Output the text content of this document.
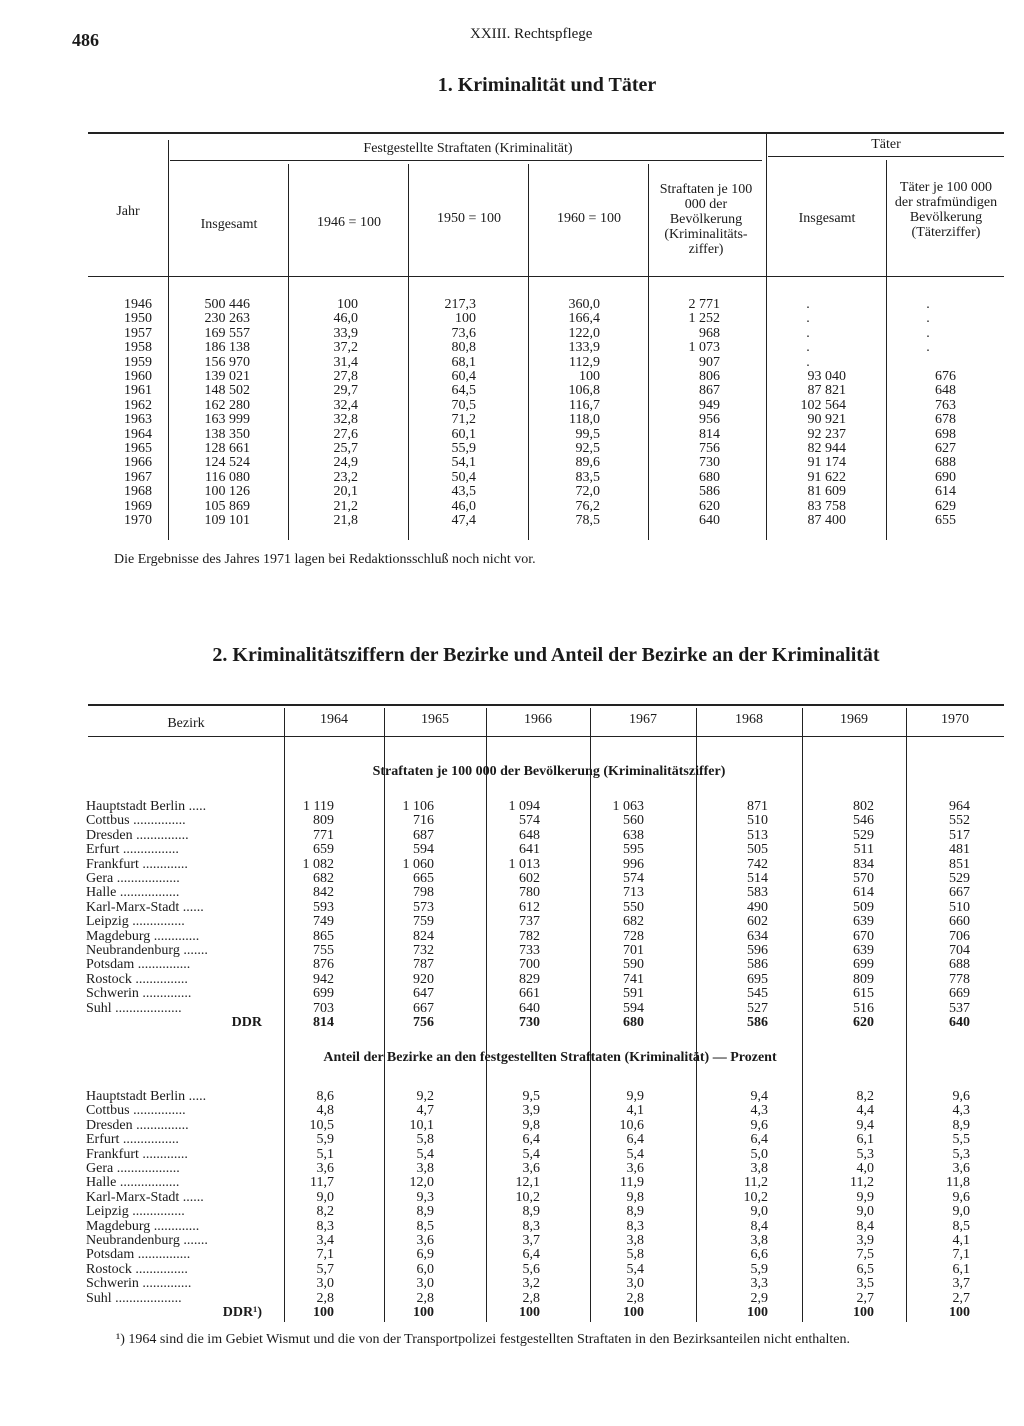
486	XXIII. Rechtspflege
1. Kriminalität und Täter
Festgestellte Straftaten (Kriminalität)	Täter
Jahr
Insgesamt	1946 = 100	1950 = 100	1960 = 100
Straftaten je 100 000 der Bevölkerung (Kriminalitäts- ziffer)
Insgesamt
Täter je 100 000 der strafmündigen Bevölkerung (Täterziffer)
1946	500 446	100	217,3	360,0	2 771	.	.
1950	230 263	46,0	100	166,4	1 252	.	.
1957	169 557	33,9	73,6	122,0	968	.	.
1958	186 138	37,2	80,8	133,9	1 073	.	.
1959	156 970	31,4	68,1	112,9	907	.
1960	139 021	27,8	60,4	100	806	93 040	676
1961	148 502	29,7	64,5	106,8	867	87 821	648
1962	162 280	32,4	70,5	116,7	949	102 564	763
1963	163 999	32,8	71,2	118,0	956	90 921	678
1964	138 350	27,6	60,1	99,5	814	92 237	698
1965	128 661	25,7	55,9	92,5	756	82 944	627
1966	124 524	24,9	54,1	89,6	730	91 174	688
1967	116 080	23,2	50,4	83,5	680	91 622	690
1968	100 126	20,1	43,5	72,0	586	81 609	614
1969	105 869	21,2	46,0	76,2	620	83 758	629
1970	109 101	21,8	47,4	78,5	640	87 400	655
Die Ergebnisse des Jahres 1971 lagen bei Redaktionsschluß noch nicht vor.
2. Kriminalitätsziffern der Bezirke und Anteil der Bezirke an der Kriminalität
Bezirk	1964	1965	1966	1967	1968	1969	1970
Straftaten je 100 000 der Bevölkerung (Kriminalitätsziffer)
Anteil der Bezirke an den festgestellten Straftaten (Kriminalität) — Prozent
Hauptstadt Berlin .....	1 119	1 106	1 094	1 063	871	802	964
Cottbus ...............	809	716	574	560	510	546	552
Dresden ...............	771	687	648	638	513	529	517
Erfurt ................	659	594	641	595	505	511	481
Frankfurt .............	1 082	1 060	1 013	996	742	834	851
Gera ..................	682	665	602	574	514	570	529
Halle .................	842	798	780	713	583	614	667
Karl-Marx-Stadt ......	593	573	612	550	490	509	510
Leipzig ...............	749	759	737	682	602	639	660
Magdeburg .............	865	824	782	728	634	670	706
Neubrandenburg .......	755	732	733	701	596	639	704
Potsdam ...............	876	787	700	590	586	699	688
Rostock ...............	942	920	829	741	695	809	778
Schwerin ..............	699	647	661	591	545	615	669
Suhl ...................	703	667	640	594	527	516	537
DDR	814	756	730	680	586	620	640
Hauptstadt Berlin .....	8,6	9,2	9,5	9,9	9,4	8,2	9,6
Cottbus ...............	4,8	4,7	3,9	4,1	4,3	4,4	4,3
Dresden ...............	10,5	10,1	9,8	10,6	9,6	9,4	8,9
Erfurt ................	5,9	5,8	6,4	6,4	6,4	6,1	5,5
Frankfurt .............	5,1	5,4	5,4	5,4	5,0	5,3	5,3
Gera ..................	3,6	3,8	3,6	3,6	3,8	4,0	3,6
Halle .................	11,7	12,0	12,1	11,9	11,2	11,2	11,8
Karl-Marx-Stadt ......	9,0	9,3	10,2	9,8	10,2	9,9	9,6
Leipzig ...............	8,2	8,9	8,9	8,9	9,0	9,0	9,0
Magdeburg .............	8,3	8,5	8,3	8,3	8,4	8,4	8,5
Neubrandenburg .......	3,4	3,6	3,7	3,8	3,8	3,9	4,1
Potsdam ...............	7,1	6,9	6,4	5,8	6,6	7,5	7,1
Rostock ...............	5,7	6,0	5,6	5,4	5,9	6,5	6,1
Schwerin ..............	3,0	3,0	3,2	3,0	3,3	3,5	3,7
Suhl ...................	2,8	2,8	2,8	2,8	2,9	2,7	2,7
DDR¹)	100	100	100	100	100	100	100
¹) 1964 sind die im Gebiet Wismut und die von der Transportpolizei festgestellten Straftaten in den Bezirksanteilen nicht enthalten.
